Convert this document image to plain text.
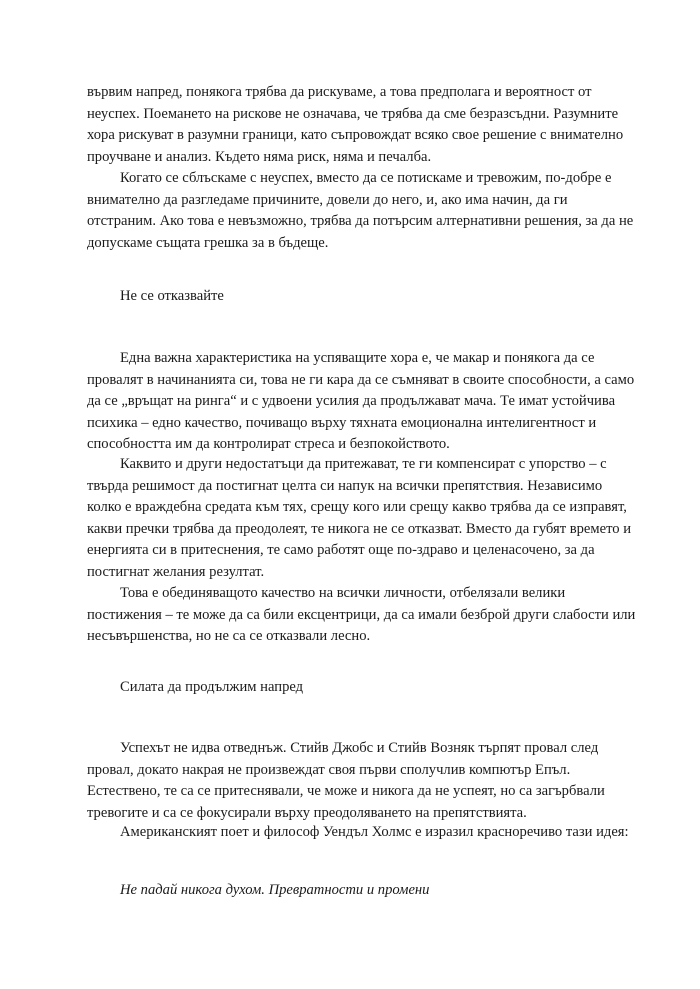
вървим напред, понякога трябва да рискуваме, а това предполага и вероятност от
неуспех. Поемането на рискове не означава, че трябва да сме безразсъдни. Разумните
хора рискуват в разумни граници, като съпровождат всяко свое решение с внимателно
проучване и анализ. Където няма риск, няма и печалба.
Когато се сблъскаме с неуспех, вместо да се потискаме и тревожим, по-добре е
внимателно да разгледаме причините, довели до него, и, ако има начин, да ги
отстраним. Ако това е невъзможно, трябва да потърсим алтернативни решения, за да не
допускаме същата грешка за в бъдеще.
Не се отказвайте
Една важна характеристика на успяващите хора е, че макар и понякога да се
провалят в начинанията си, това не ги кара да се съмняват в своите способности, а само
да се „връщат на ринга“ и с удвоени усилия да продължават мача. Те имат устойчива
психика – едно качество, почиващо върху тяхната емоционална интелигентност и
способността им да контролират стреса и безпокойството.
Каквито и други недостатъци да притежават, те ги компенсират с упорство – с
твърда решимост да постигнат целта си напук на всички препятствия. Независимо
колко е враждебна средата към тях, срещу кого или срещу какво трябва да се изправят,
какви пречки трябва да преодолеят, те никога не се отказват. Вместо да губят времето и
енергията си в притеснения, те само работят още по-здраво и целенасочено, за да
постигнат желания резултат.
Това е обединяващото качество на всички личности, отбелязали велики
постижения – те може да са били ексцентрици, да са имали безброй други слабости или
несъвършенства, но не са се отказвали лесно.
Силата да продължим напред
Успехът не идва отведнъж. Стийв Джобс и Стийв Возняк търпят провал след
провал, докато накрая не произвеждат своя първи сполучлив компютър Епъл.
Естествено, те са се притеснявали, че може и никога да не успеят, но са загърбвали
тревогите и са се фокусирали върху преодоляването на препятствията.
Американският поет и философ Уендъл Холмс е изразил красноречиво тази идея:
Не падай никога духом. Превратности и промени
